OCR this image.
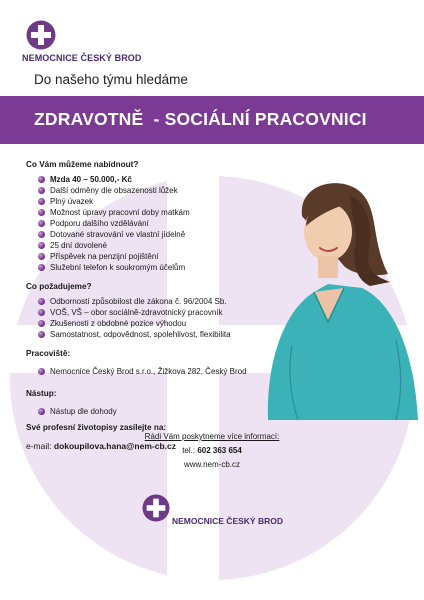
NEMOCNICE ČESKÝ BROD
Do našeho týmu hledáme
ZDRAVOTNĚ  - SOCIÁLNÍ PRACOVNICI
Co Vám můžeme nabídnout?
Mzda 40 – 50.000,- Kč
Další odměny dle obsazenosti lůžek
Plný úvazek
Možnost úpravy pracovní doby matkám
Podporu dalšího vzdělávání
Dotované stravování ve vlastní jídelně
25 dní dovolené
Příspěvek na penzijní pojištění
Služební telefon k soukromým účelům
Co požadujeme?
Odborností způsobilost dle zákona č. 96/2004 Sb.
VOŠ, VŠ – obor sociálně-zdravotnický pracovník
Zkušenosti z obdobné pozice výhodou
Samostatnost, odpovědnost, spolehlivost, flexibilita
Pracoviště:
Nemocnice Český Brod s.r.o., Žižkova 282, Český Brod
Nástup:
Nástup dle dohody
Své profesní životopisy zasílejte na:
e-mail: dokoupilova.hana@nem-cb.cz
Rádi Vám poskytneme více informací:
tel.: 602 363 654
www.nem-cb.cz
NEMOCNICE ČESKÝ BROD
